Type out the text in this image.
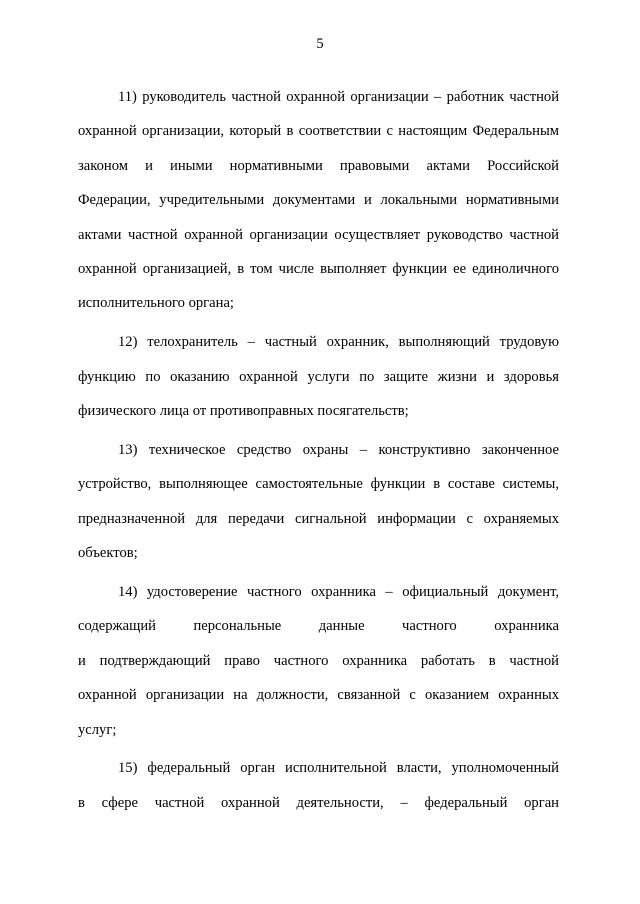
5
11) руководитель частной охранной организации – работник частной
охранной организации, который в соответствии с настоящим Федеральным
законом и иными нормативными правовыми актами Российской
Федерации, учредительными документами и локальными нормативными
актами частной охранной организации осуществляет руководство частной
охранной организацией, в том числе выполняет функции ее единоличного
исполнительного органа;
12) телохранитель – частный охранник, выполняющий трудовую
функцию по оказанию охранной услуги по защите жизни и здоровья
физического лица от противоправных посягательств;
13) техническое средство охраны – конструктивно законченное
устройство, выполняющее самостоятельные функции в составе системы,
предназначенной для передачи сигнальной информации с охраняемых
объектов;
14) удостоверение частного охранника – официальный документ,
содержащий персональные данные частного охранника
и подтверждающий право частного охранника работать в частной
охранной организации на должности, связанной с оказанием охранных
услуг;
15) федеральный орган исполнительной власти, уполномоченный
в сфере частной охранной деятельности, – федеральный орган
